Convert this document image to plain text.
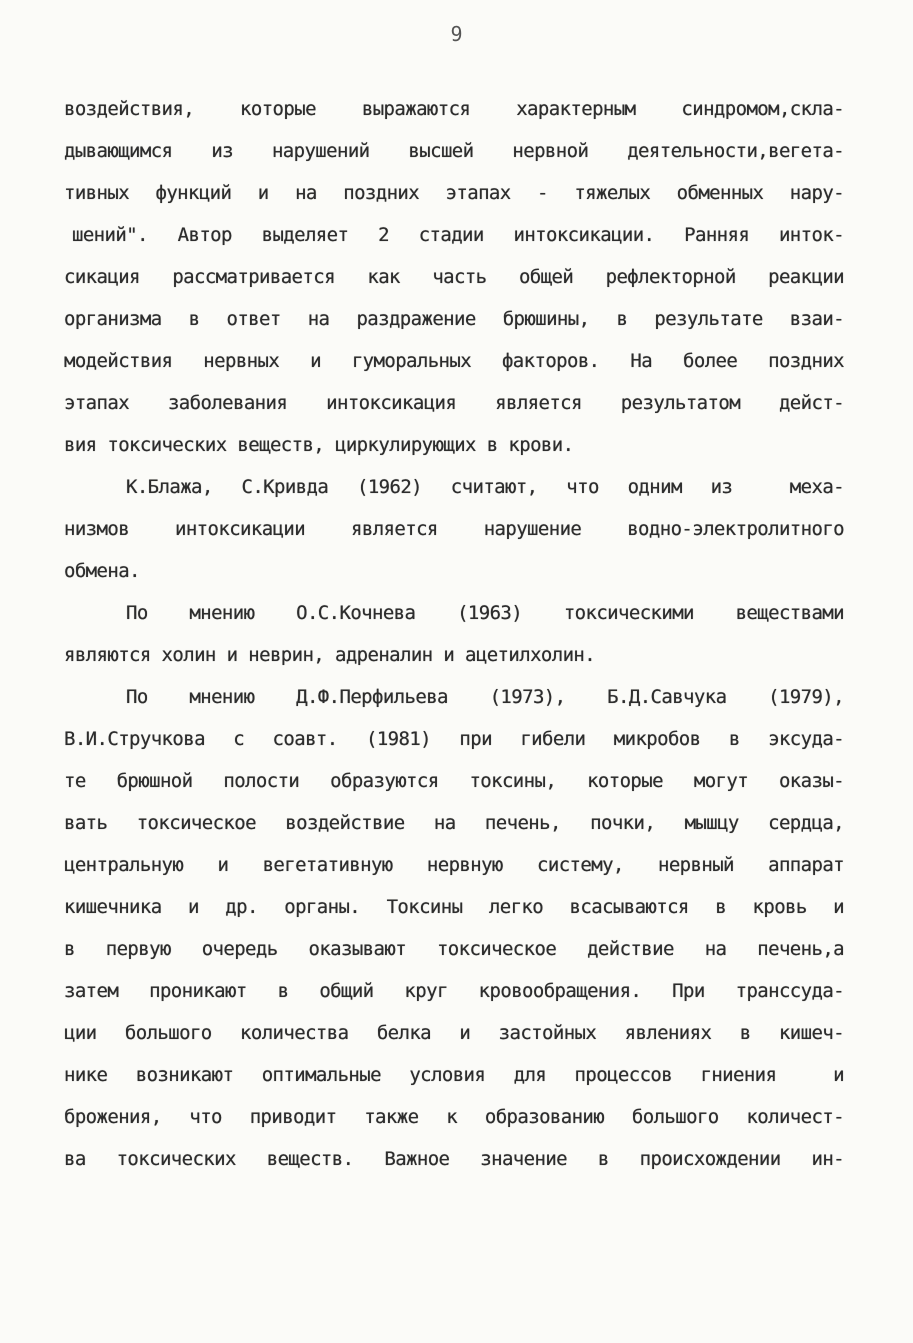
9
воздействия, которые выражаются характерным синдромом,скла-
дывающимся из нарушений высшей нервной деятельности,вегета-
тивных функций и на поздних этапах - тяжелых обменных нару-
шений". Автор выделяет 2 стадии интоксикации. Ранняя инток-
сикация рассматривается как часть общей рефлекторной реакции
организма в ответ на раздражение брюшины, в результате взаи-
модействия нервных и гуморальных факторов. На более поздних
этапах заболевания интоксикация является результатом дейст-
вия токсических веществ, циркулирующих в крови.
К.Блажа, С.Кривда (1962) считают, что одним из  меха-
низмов интоксикации является нарушение водно-электролитного
обмена.
По мнению О.С.Кочнева (1963) токсическими веществами
являются холин и неврин, адреналин и ацетилхолин.
По мнению Д.Ф.Перфильева (1973), Б.Д.Савчука (1979),
В.И.Стручкова с соавт. (1981) при гибели микробов в эксуда-
те брюшной полости образуются токсины, которые могут оказы-
вать токсическое воздействие на печень, почки, мышцу сердца,
центральную и вегетативную нервную систему, нервный аппарат
кишечника и др. органы. Токсины легко всасываются в кровь и
в первую очередь оказывают токсическое действие на печень,а
затем проникают в общий круг кровообращения. При транссуда-
ции большого количества белка и застойных явлениях в кишеч-
нике возникают оптимальные условия для процессов гниения  и
брожения, что приводит также к образованию большого количест-
ва токсических веществ. Важное значение в происхождении ин-
